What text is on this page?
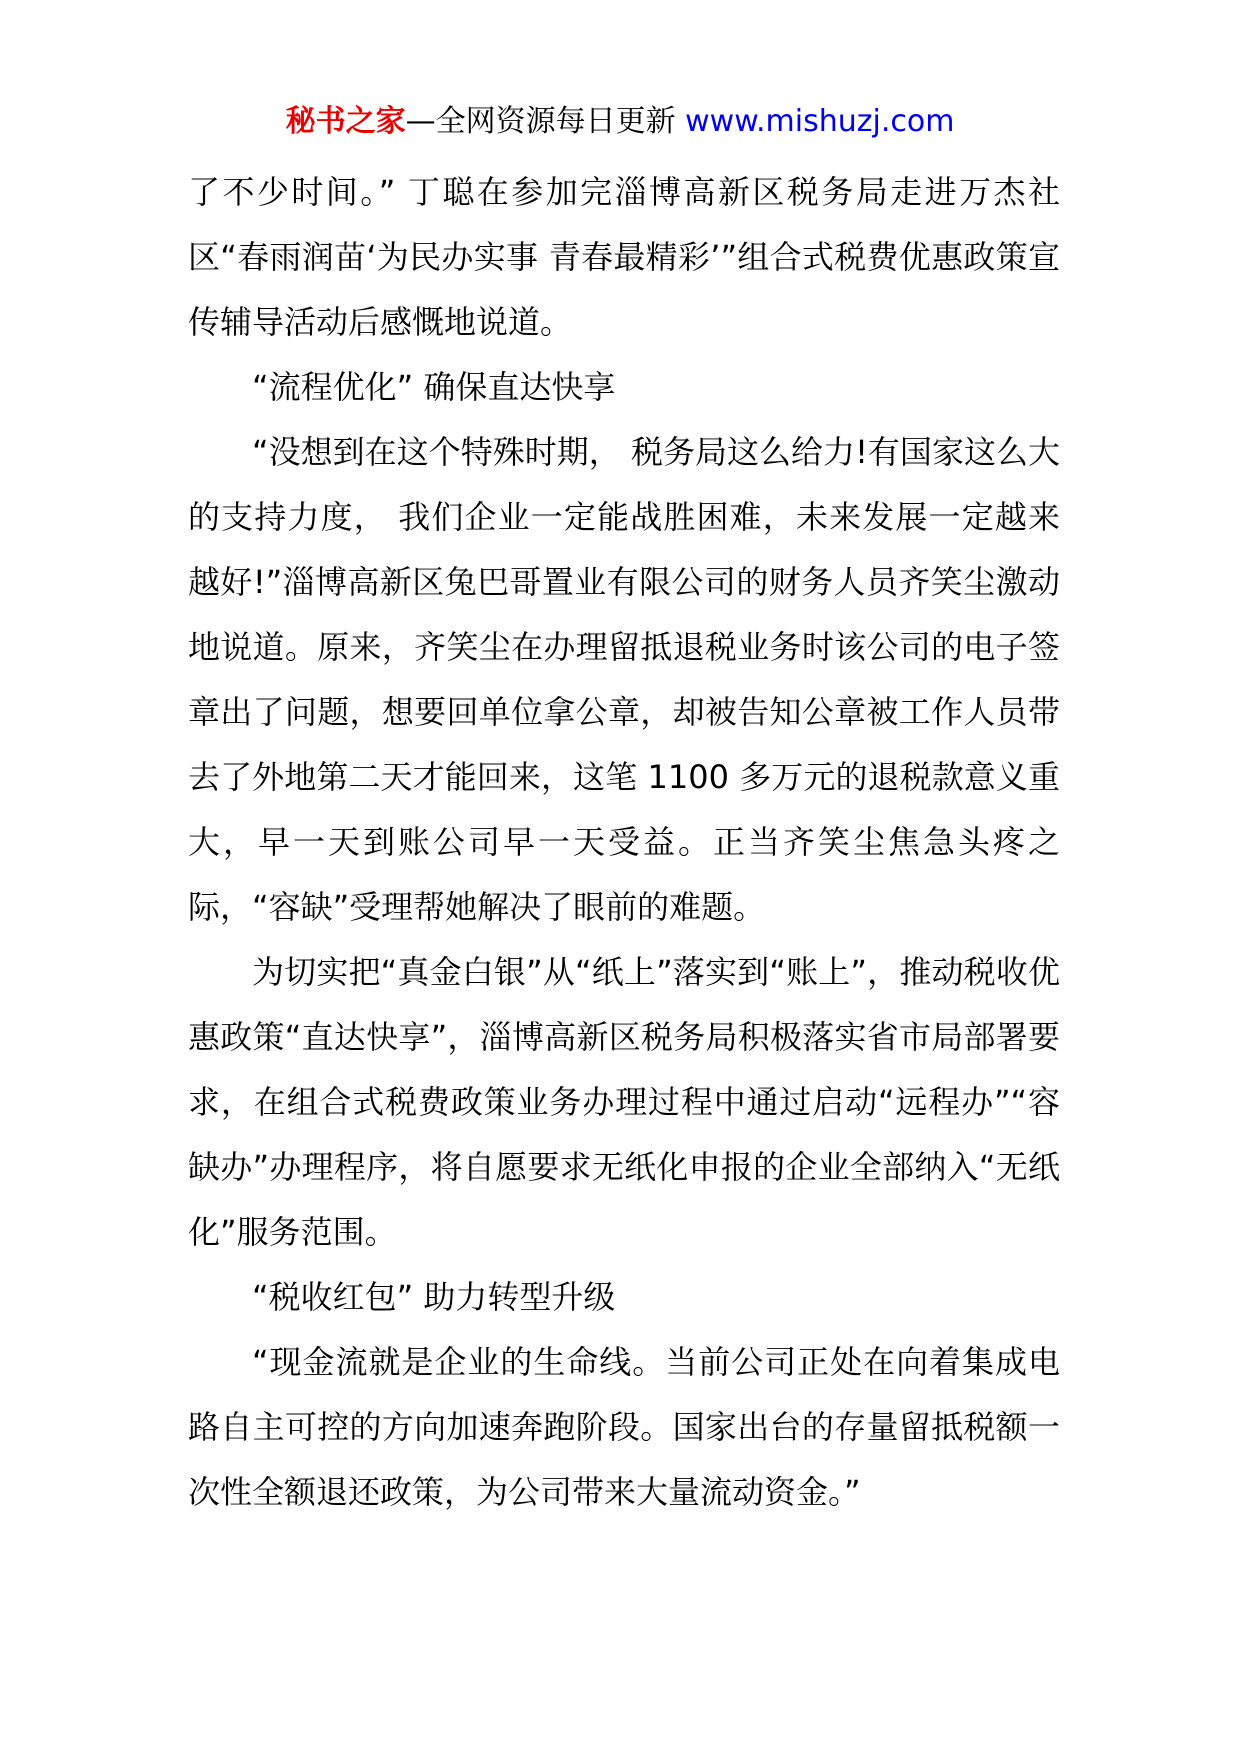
秘书之家—全网资源每日更新 www.mishuzj.com

了不少时间。” 丁聪在参加完淄博高新区税务局走进万杰社区“春雨润苗‘为民办实事 青春最精彩’”组合式税费优惠政策宣传辅导活动后感慨地说道。

“流程优化” 确保直达快享

“没想到在这个特殊时期， 税务局这么给力!有国家这么大的支持力度， 我们企业一定能战胜困难，未来发展一定越来越好!”淄博高新区兔巴哥置业有限公司的财务人员齐笑尘激动地说道。原来，齐笑尘在办理留抵退税业务时该公司的电子签章出了问题，想要回单位拿公章，却被告知公章被工作人员带去了外地第二天才能回来，这笔 1100 多万元的退税款意义重大，早一天到账公司早一天受益。正当齐笑尘焦急头疼之际，“容缺”受理帮她解决了眼前的难题。

为切实把“真金白银”从“纸上”落实到“账上”，推动税收优惠政策“直达快享”，淄博高新区税务局积极落实省市局部署要求，在组合式税费政策业务办理过程中通过启动“远程办”“容缺办”办理程序，将自愿要求无纸化申报的企业全部纳入“无纸化”服务范围。

“税收红包” 助力转型升级

“现金流就是企业的生命线。当前公司正处在向着集成电路自主可控的方向加速奔跑阶段。国家出台的存量留抵税额一次性全额退还政策，为公司带来大量流动资金。”
